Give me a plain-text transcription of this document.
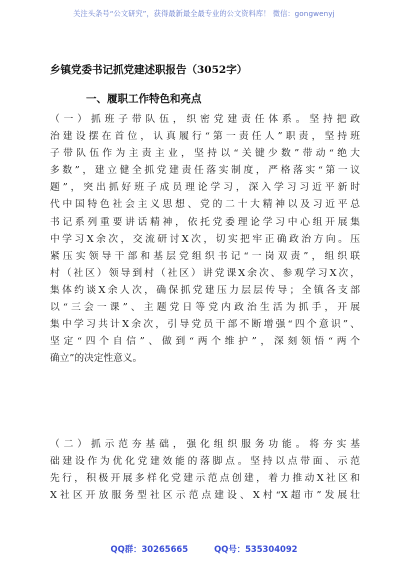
关注头条号“公文研究”，获得最新最全最专业的公文资料库！ 微信：gongwenyj
乡镇党委书记抓党建述职报告（3052字）
一、履职工作特色和亮点
（一）抓班子带队伍，织密党建责任体系。坚持把政
治建设摆在首位，认真履行“第一责任人”职责，坚持班
子带队伍作为主责主业，坚持以“关键少数”带动“绝大
多数”，建立健全抓党建责任落实制度，严格落实“第一议
题”，突出抓好班子成员理论学习，深入学习习近平新时
代中国特色社会主义思想、党的二十大精神以及习近平总
书记系列重要讲话精神，依托党委理论学习中心组开展集
中学习X余次，交流研讨X次，切实把牢正确政治方向。压
紧压实领导干部和基层党组织书记“一岗双责”，组织联
村（社区）领导到村（社区）讲党课X余次、参观学习X次，
集体约谈X余人次，确保抓党建压力层层传导；全镇各支部
以“三会一课”、主题党日等党内政治生活为抓手，开展
集中学习共计X余次，引导党员干部不断增强“四个意识”、
坚定“四个自信”、做到“两个维护”，深刻领悟“两个
确立”的决定性意义。
（二）抓示范夯基础，强化组织服务功能。将夯实基
础建设作为优化党建效能的落脚点。坚持以点带面、示范
先行，积极开展多样化党建示范点创建，着力推动X社区和
X社区开放服务型社区示范点建设、X村“X超市”发展壮
QQ群：30265665	QQ号：535304092
